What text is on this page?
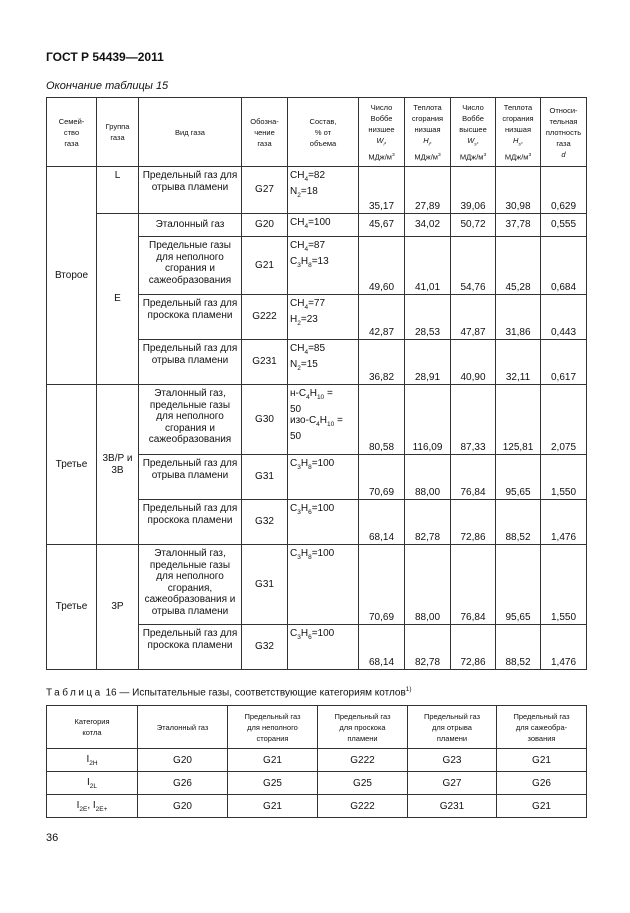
ГОСТ Р 54439—2011
Окончание таблицы 15
Семей-
ство
газа	Группа
газа	Вид газа	Обозна-
чение
газа	Состав,
% от
объема	Число
Воббе
низшее
$W_i$,
МДж/$м^3$	Теплота
сгорания
низшая
$H_i$,
МДж/$м^3$	Число
Воббе
высшее
$W_s$,
МДж/$м^3$	Теплота
сгорания
низшая
$H_s$,
МДж/$м^3$	Относи-
тельная
плотность
газа
d
Второе	L	Предельный газ для отрыва пламени	G27	$CH_4=82$
$N_2=18$	35,17	27,89	39,06	30,98	0,629
	E	Эталонный газ	G20	$CH_4=100$	45,67	34,02	50,72	37,78	0,555
		Предельные газы для неполного сгорания и сажеобразования	G21	$CH_4=87$
$C_3H_8=13$	49,60	41,01	54,76	45,28	0,684
		Предельный газ для проскока пламени	G222	$CH_4=77$
$H_2=23$	42,87	28,53	47,87	31,86	0,443
		Предельный газ для отрыва пламени	G231	$CH_4=85$
$N_2=15$	36,82	28,91	40,90	32,11	0,617
Третье	3В/Р и 3В	Эталонный газ, предельные газы для неполного сгорания и сажеобразования	G30	$н-C_4H_{10}$ =
50
изо-$C_4H_{10}$ =
50	80,58	116,09	87,33	125,81	2,075
		Предельный газ для отрыва пламени	G31	$C_3H_8=100$	70,69	88,00	76,84	95,65	1,550
		Предельный газ для проскока пламени	G32	$C_3H_6=100$	68,14	82,78	72,86	88,52	1,476
Третье	3Р	Эталонный газ, предельные газы для неполного сгорания, сажеобразования и отрыва пламени	G31	$C_3H_8=100$	70,69	88,00	76,84	95,65	1,550
		Предельный газ для проскока пламени	G32	$C_3H_6=100$	68,14	82,78	72,86	88,52	1,476
Таблица 16 — Испытательные газы, соответствующие категориям котлов$^{1)}$
Категория
котла	Эталонный газ	Предельный газ
для неполного
сторания	Предельный газ
для проскока
пламени	Предельный газ
для отрыва
пламени	Предельный газ
для сажеобра-
зования
$I_{2H}$	G20	G21	G222	G23	G21
$I_{2L}$	G26	G25	G25	G27	G26
$I_{2E}$, $I_{2E+}$	G20	G21	G222	G231	G21
36
